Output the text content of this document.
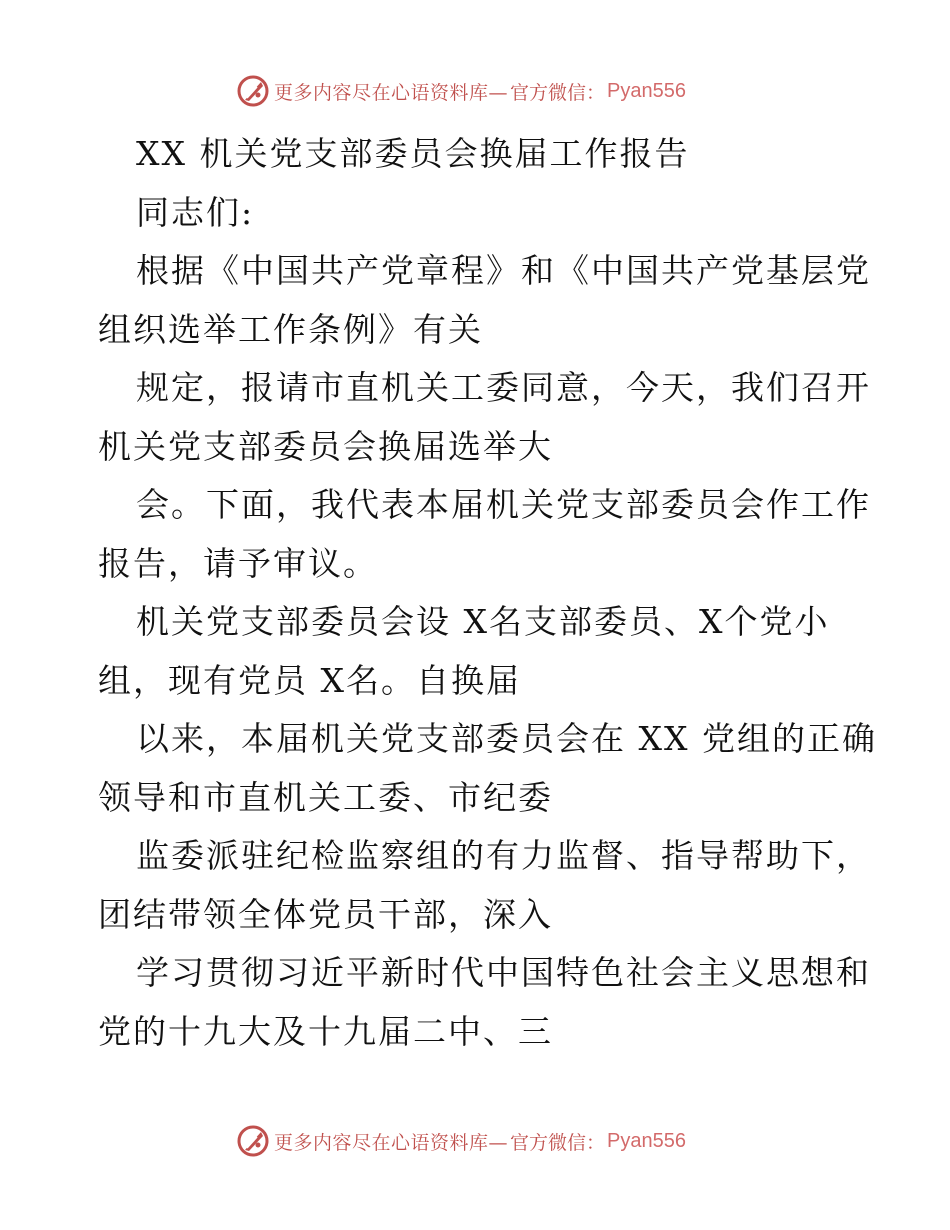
更多内容尽在心语资料库— 官方微信： Pyan556
XX 机关党支部委员会换届工作报告
同志们:
根据《中国共产党章程》和《中国共产党基层党
组织选举工作条例》有关
规定，报请市直机关工委同意，今天，我们召开
机关党支部委员会换届选举大
会。下面，我代表本届机关党支部委员会作工作
报告，请予审议。
机关党支部委员会设 X名支部委员、X个党小
组，现有党员 X名。自换届
以来，本届机关党支部委员会在 XX 党组的正确
领导和市直机关工委、市纪委
监委派驻纪检监察组的有力监督、指导帮助下，
团结带领全体党员干部，深入
学习贯彻习近平新时代中国特色社会主义思想和
党的十九大及十九届二中、三
更多内容尽在心语资料库— 官方微信： Pyan556
